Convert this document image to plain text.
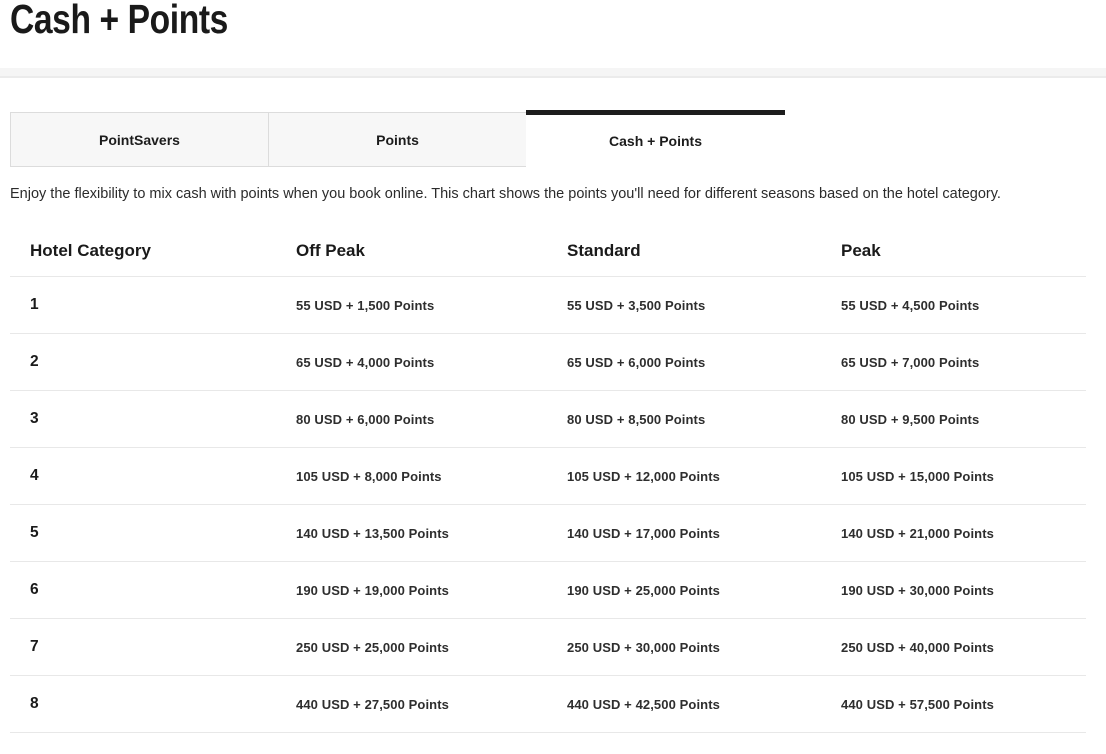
Cash + Points
PointSavers	Points	Cash + Points

Enjoy the flexibility to mix cash with points when you book online. This chart shows the points you'll need for different seasons based on the hotel category.

Hotel Category	Off Peak	Standard	Peak
1	55 USD + 1,500 Points	55 USD + 3,500 Points	55 USD + 4,500 Points
2	65 USD + 4,000 Points	65 USD + 6,000 Points	65 USD + 7,000 Points
3	80 USD + 6,000 Points	80 USD + 8,500 Points	80 USD + 9,500 Points
4	105 USD + 8,000 Points	105 USD + 12,000 Points	105 USD + 15,000 Points
5	140 USD + 13,500 Points	140 USD + 17,000 Points	140 USD + 21,000 Points
6	190 USD + 19,000 Points	190 USD + 25,000 Points	190 USD + 30,000 Points
7	250 USD + 25,000 Points	250 USD + 30,000 Points	250 USD + 40,000 Points
8	440 USD + 27,500 Points	440 USD + 42,500 Points	440 USD + 57,500 Points
